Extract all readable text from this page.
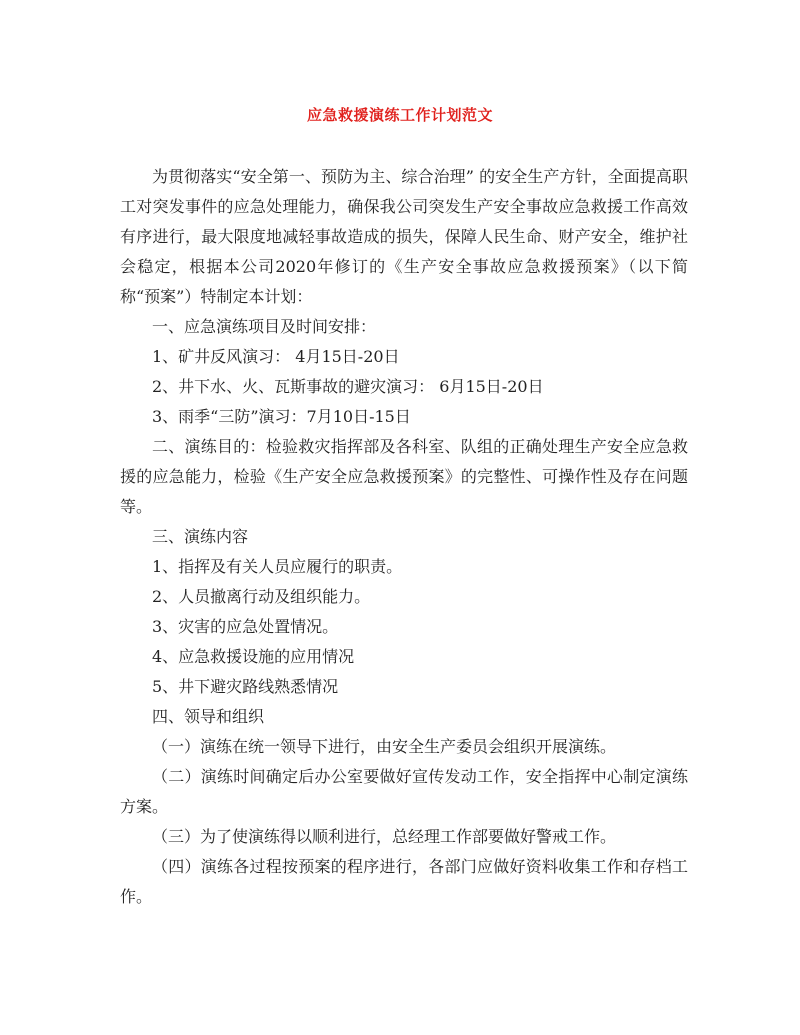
应急救援演练工作计划范文

为贯彻落实“安全第一、预防为主、综合治理” 的安全生产方针，全面提高职工对突发事件的应急处理能力，确保我公司突发生产安全事故应急救援工作高效有序进行，最大限度地减轻事故造成的损失，保障人民生命、财产安全，维护社会稳定，根据本公司2020年修订的《生产安全事故应急救援预案》（以下简称“预案”）特制定本计划：

一、应急演练项目及时间安排：

1、矿井反风演习： 4月15日-20日

2、井下水、火、瓦斯事故的避灾演习： 6月15日-20日

3、雨季“三防”演习：7月10日-15日

二、演练目的：检验救灾指挥部及各科室、队组的正确处理生产安全应急救援的应急能力，检验《生产安全应急救援预案》的完整性、可操作性及存在问题等。

三、演练内容

1、指挥及有关人员应履行的职责。

2、人员撤离行动及组织能力。

3、灾害的应急处置情况。

4、应急救援设施的应用情况

5、井下避灾路线熟悉情况

四、领导和组织

（一）演练在统一领导下进行，由安全生产委员会组织开展演练。

（二）演练时间确定后办公室要做好宣传发动工作，安全指挥中心制定演练方案。

（三）为了使演练得以顺利进行，总经理工作部要做好警戒工作。

（四）演练各过程按预案的程序进行，各部门应做好资料收集工作和存档工作。
